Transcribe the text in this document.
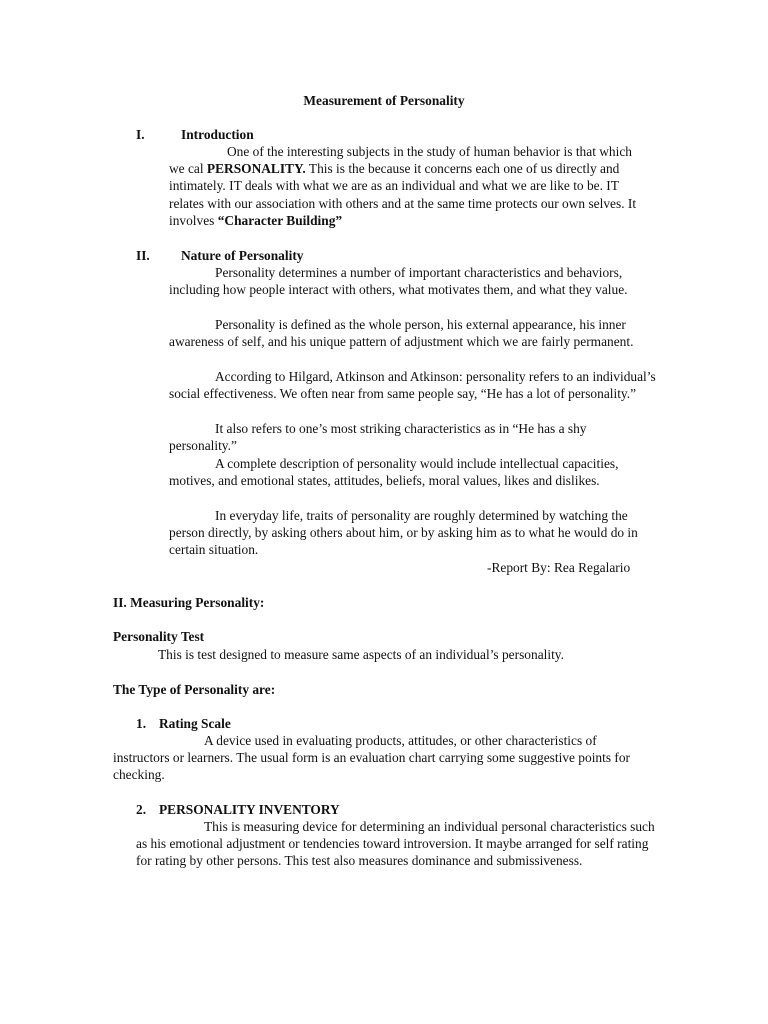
Measurement of Personality
I.	Introduction
One of the interesting subjects in the study of human behavior is that which we cal PERSONALITY. This is the because it concerns each one of us directly and intimately. IT deals with what we are as an individual and what we are like to be. IT relates with our association with others and at the same time protects our own selves. It involves “Character Building”
II. Nature of Personality
Personality determines a number of important characteristics and behaviors, including how people interact with others, what motivates them, and what they value.
Personality is defined as the whole person, his external appearance, his inner awareness of self, and his unique pattern of adjustment which we are fairly permanent.
According to Hilgard, Atkinson and Atkinson: personality refers to an individual’s social effectiveness. We often near from same people say, “He has a lot of personality.”
It also refers to one’s most striking characteristics as in “He has a shy personality.”
A complete description of personality would include intellectual capacities, motives, and emotional states, attitudes, beliefs, moral values, likes and dislikes.
In everyday life, traits of personality are roughly determined by watching the person directly, by asking others about him, or by asking him as to what he would do in certain situation.
-Report By: Rea Regalario
II. Measuring Personality:
Personality Test
This is test designed to measure same aspects of an individual’s personality.
The Type of Personality are:
1. Rating Scale
A device used in evaluating products, attitudes, or other characteristics of instructors or learners. The usual form is an evaluation chart carrying some suggestive points for checking.
2. PERSONALITY INVENTORY
This is measuring device for determining an individual personal characteristics such as his emotional adjustment or tendencies toward introversion. It maybe arranged for self rating for rating by other persons. This test also measures dominance and submissiveness.
